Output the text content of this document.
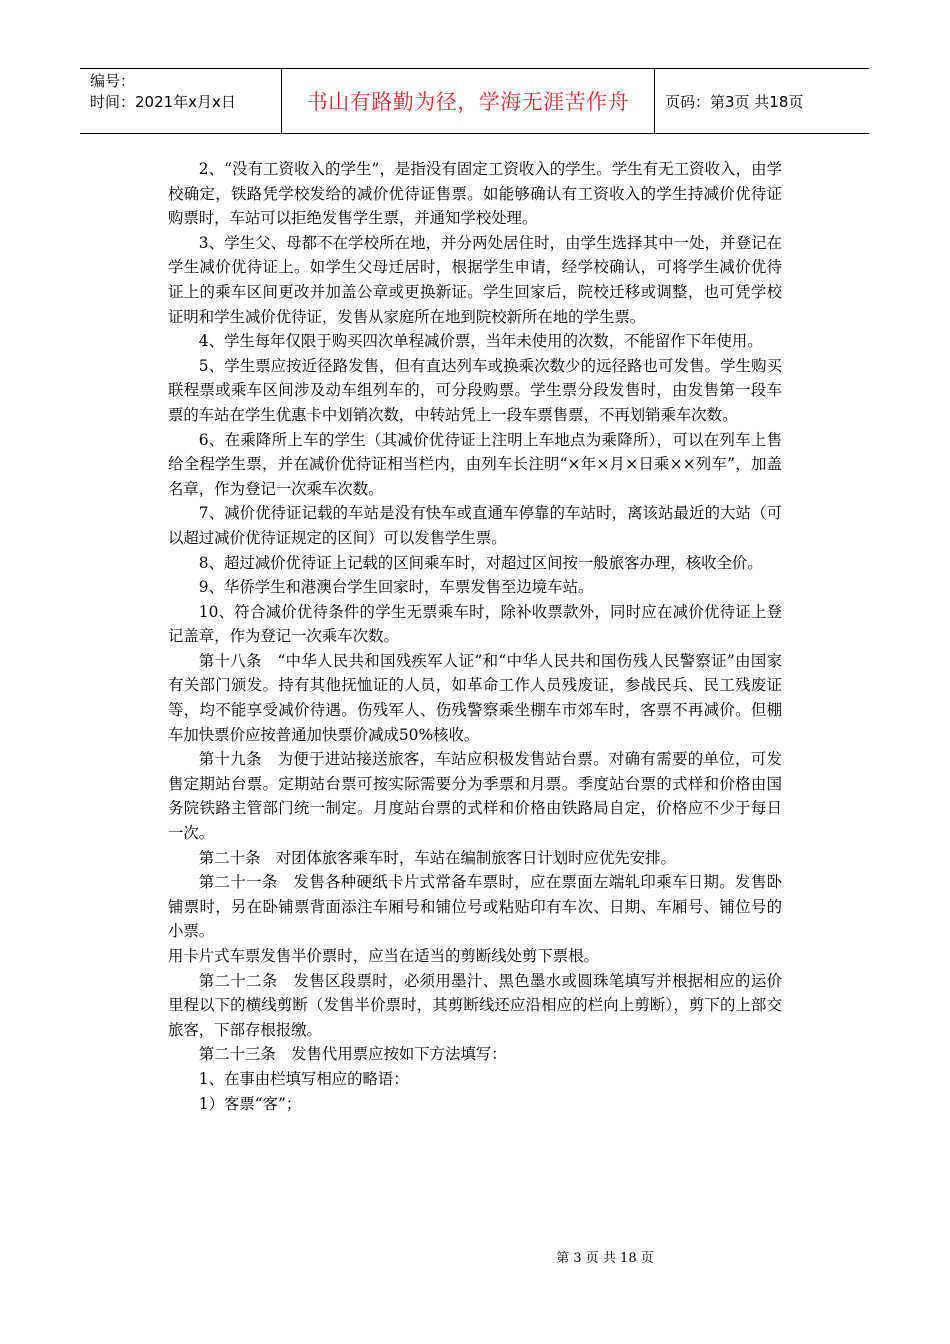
编号：
时间：2021年x月x日	书山有路勤为径，学海无涯苦作舟	页码：第3页 共18页

2、“没有工资收入的学生”，是指没有固定工资收入的学生。学生有无工资收入，由学校确定，铁路凭学校发给的减价优待证售票。如能够确认有工资收入的学生持减价优待证购票时，车站可以拒绝发售学生票，并通知学校处理。

3、学生父、母都不在学校所在地，并分两处居住时，由学生选择其中一处，并登记在学生减价优待证上。如学生父母迁居时，根据学生申请，经学校确认，可将学生减价优待证上的乘车区间更改并加盖公章或更换新证。学生回家后，院校迁移或调整，也可凭学校证明和学生减价优待证，发售从家庭所在地到院校新所在地的学生票。

4、学生每年仅限于购买四次单程减价票，当年未使用的次数，不能留作下年使用。

5、学生票应按近径路发售，但有直达列车或换乘次数少的远径路也可发售。学生购买联程票或乘车区间涉及动车组列车的，可分段购票。学生票分段发售时，由发售第一段车票的车站在学生优惠卡中划销次数，中转站凭上一段车票售票，不再划销乘车次数。

6、在乘降所上车的学生（其减价优待证上注明上车地点为乘降所），可以在列车上售给全程学生票，并在减价优待证相当栏内，由列车长注明“×年×月×日乘××列车”，加盖名章，作为登记一次乘车次数。

7、减价优待证记载的车站是没有快车或直通车停靠的车站时，离该站最近的大站（可以超过减价优待证规定的区间）可以发售学生票。

8、超过减价优待证上记载的区间乘车时，对超过区间按一般旅客办理，核收全价。

9、华侨学生和港澳台学生回家时，车票发售至边境车站。

10、符合减价优待条件的学生无票乘车时，除补收票款外，同时应在减价优待证上登记盖章，作为登记一次乘车次数。

第十八条　“中华人民共和国残疾军人证”和“中华人民共和国伤残人民警察证”由国家有关部门颁发。持有其他抚恤证的人员，如革命工作人员残废证，参战民兵、民工残废证等，均不能享受减价待遇。伤残军人、伤残警察乘坐棚车市郊车时，客票不再减价。但棚车加快票价应按普通加快票价减成50%核收。

第十九条　为便于进站接送旅客，车站应积极发售站台票。对确有需要的单位，可发售定期站台票。定期站台票可按实际需要分为季票和月票。季度站台票的式样和价格由国务院铁路主管部门统一制定。月度站台票的式样和价格由铁路局自定，价格应不少于每日一次。

第二十条　对团体旅客乘车时，车站在编制旅客日计划时应优先安排。

第二十一条　发售各种硬纸卡片式常备车票时，应在票面左端轧印乘车日期。发售卧铺票时，另在卧铺票背面添注车厢号和铺位号或粘贴印有车次、日期、车厢号、铺位号的小票。

用卡片式车票发售半价票时，应当在适当的剪断线处剪下票根。

第二十二条　发售区段票时，必须用墨汁、黑色墨水或圆珠笔填写并根据相应的运价里程以下的横线剪断（发售半价票时，其剪断线还应沿相应的栏向上剪断），剪下的上部交旅客，下部存根报缴。

第二十三条　发售代用票应按如下方法填写：

1、在事由栏填写相应的略语：

1）客票“客”；

第 3 页 共 18 页
